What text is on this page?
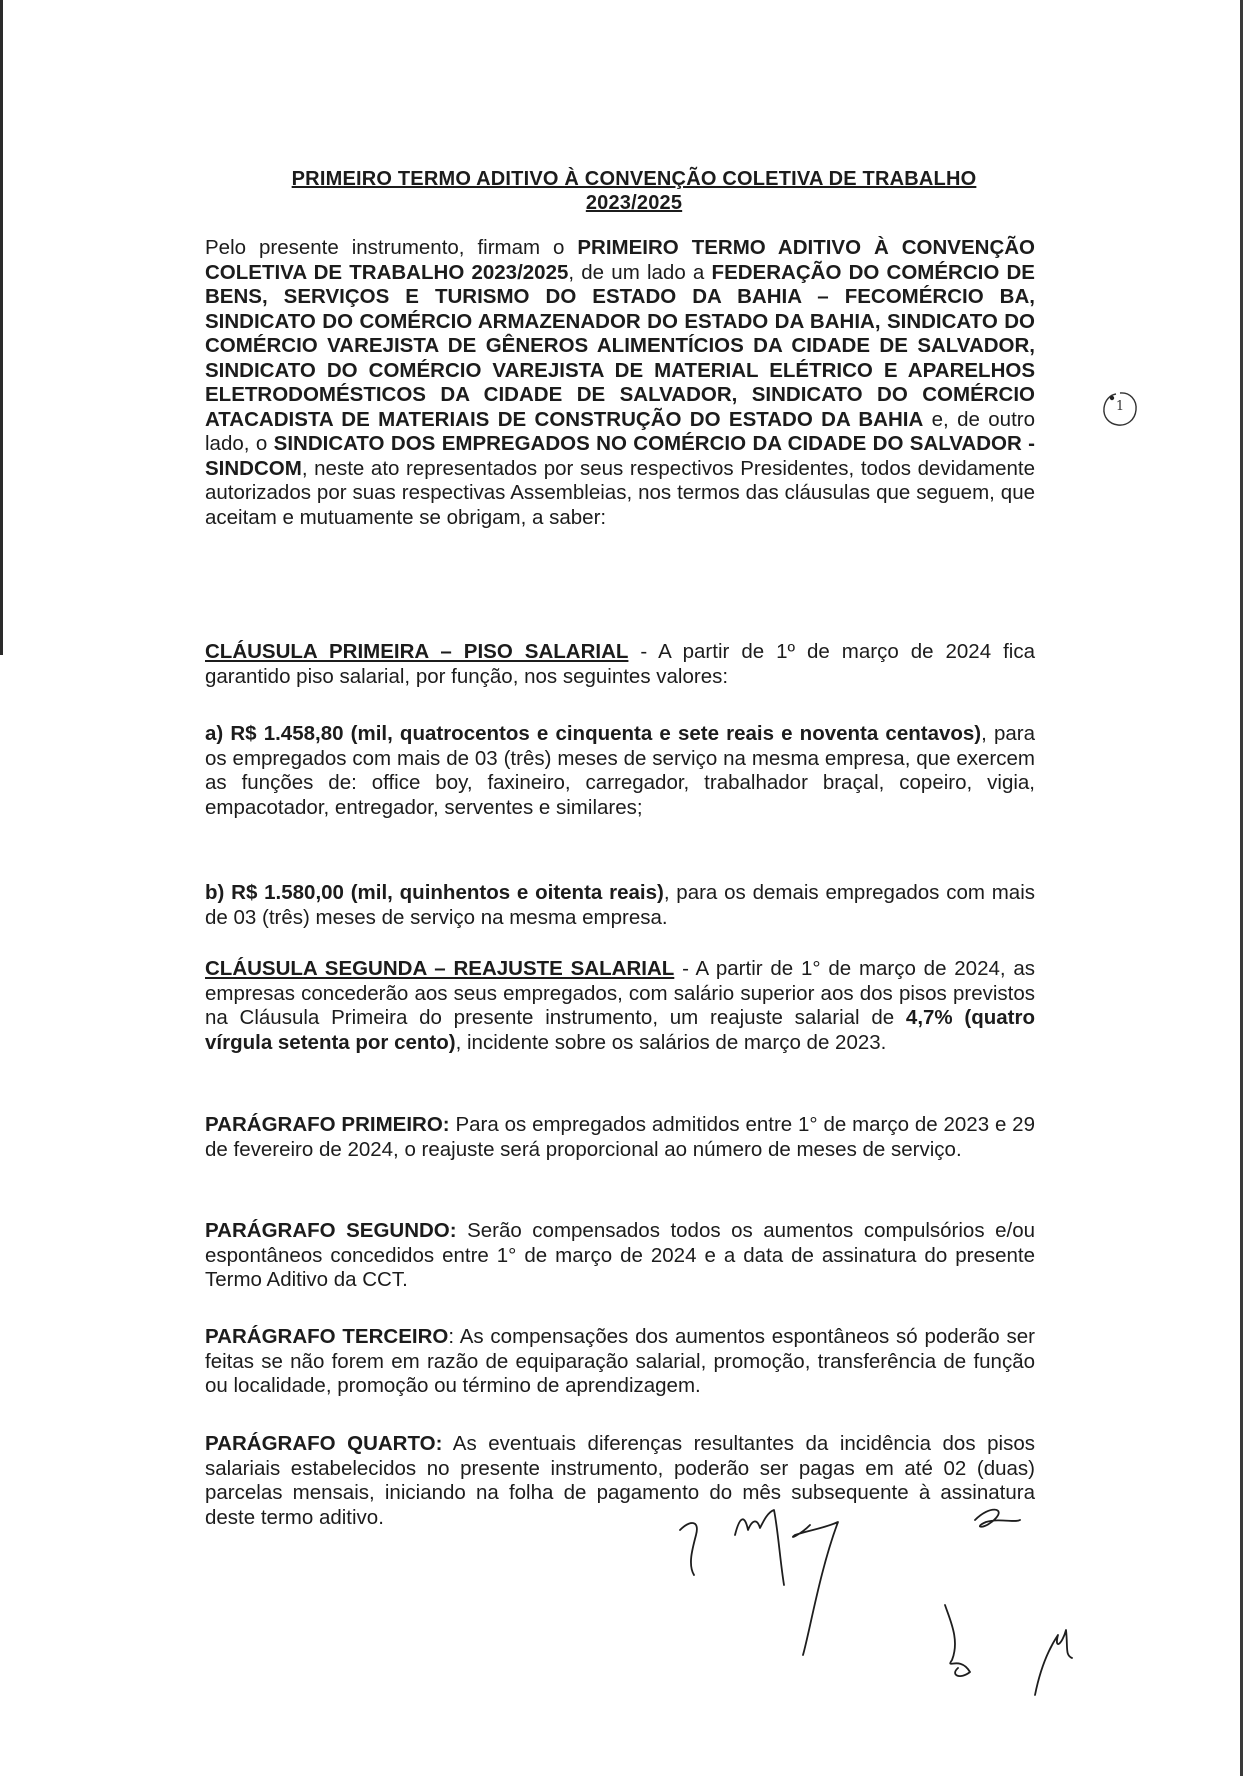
PRIMEIRO TERMO ADITIVO À CONVENÇÃO COLETIVA DE TRABALHO
2023/2025
1

Pelo presente instrumento, firmam o PRIMEIRO TERMO ADITIVO À CONVENÇÃO COLETIVA DE TRABALHO 2023/2025, de um lado a FEDERAÇÃO DO COMÉRCIO DE BENS, SERVIÇOS E TURISMO DO ESTADO DA BAHIA – FECOMÉRCIO BA, SINDICATO DO COMÉRCIO ARMAZENADOR DO ESTADO DA BAHIA, SINDICATO DO COMÉRCIO VAREJISTA DE GÊNEROS ALIMENTÍCIOS DA CIDADE DE SALVADOR, SINDICATO DO COMÉRCIO VAREJISTA DE MATERIAL ELÉTRICO E APARELHOS ELETRODOMÉSTICOS DA CIDADE DE SALVADOR, SINDICATO DO COMÉRCIO ATACADISTA DE MATERIAIS DE CONSTRUÇÃO DO ESTADO DA BAHIA e, de outro lado, o SINDICATO DOS EMPREGADOS NO COMÉRCIO DA CIDADE DO SALVADOR - SINDCOM, neste ato representados por seus respectivos Presidentes, todos devidamente autorizados por suas respectivas Assembleias, nos termos das cláusulas que seguem, que aceitam e mutuamente se obrigam, a saber:

CLÁUSULA PRIMEIRA – PISO SALARIAL - A partir de 1º de março de 2024 fica garantido piso salarial, por função, nos seguintes valores:

a) R$ 1.458,80 (mil, quatrocentos e cinquenta e sete reais e noventa centavos), para os empregados com mais de 03 (três) meses de serviço na mesma empresa, que exercem as funções de: office boy, faxineiro, carregador, trabalhador braçal, copeiro, vigia, empacotador, entregador, serventes e similares;

b) R$ 1.580,00 (mil, quinhentos e oitenta reais), para os demais empregados com mais de 03 (três) meses de serviço na mesma empresa.

CLÁUSULA SEGUNDA – REAJUSTE SALARIAL - A partir de 1° de março de 2024, as empresas concederão aos seus empregados, com salário superior aos dos pisos previstos na Cláusula Primeira do presente instrumento, um reajuste salarial de 4,7% (quatro vírgula setenta por cento), incidente sobre os salários de março de 2023.

PARÁGRAFO PRIMEIRO: Para os empregados admitidos entre 1° de março de 2023 e 29 de fevereiro de 2024, o reajuste será proporcional ao número de meses de serviço.

PARÁGRAFO SEGUNDO: Serão compensados todos os aumentos compulsórios e/ou espontâneos concedidos entre 1° de março de 2024 e a data de assinatura do presente Termo Aditivo da CCT.

PARÁGRAFO TERCEIRO: As compensações dos aumentos espontâneos só poderão ser feitas se não forem em razão de equiparação salarial, promoção, transferência de função ou localidade, promoção ou término de aprendizagem.

PARÁGRAFO QUARTO: As eventuais diferenças resultantes da incidência dos pisos salariais estabelecidos no presente instrumento, poderão ser pagas em até 02 (duas) parcelas mensais, iniciando na folha de pagamento do mês subsequente à assinatura deste termo aditivo.
